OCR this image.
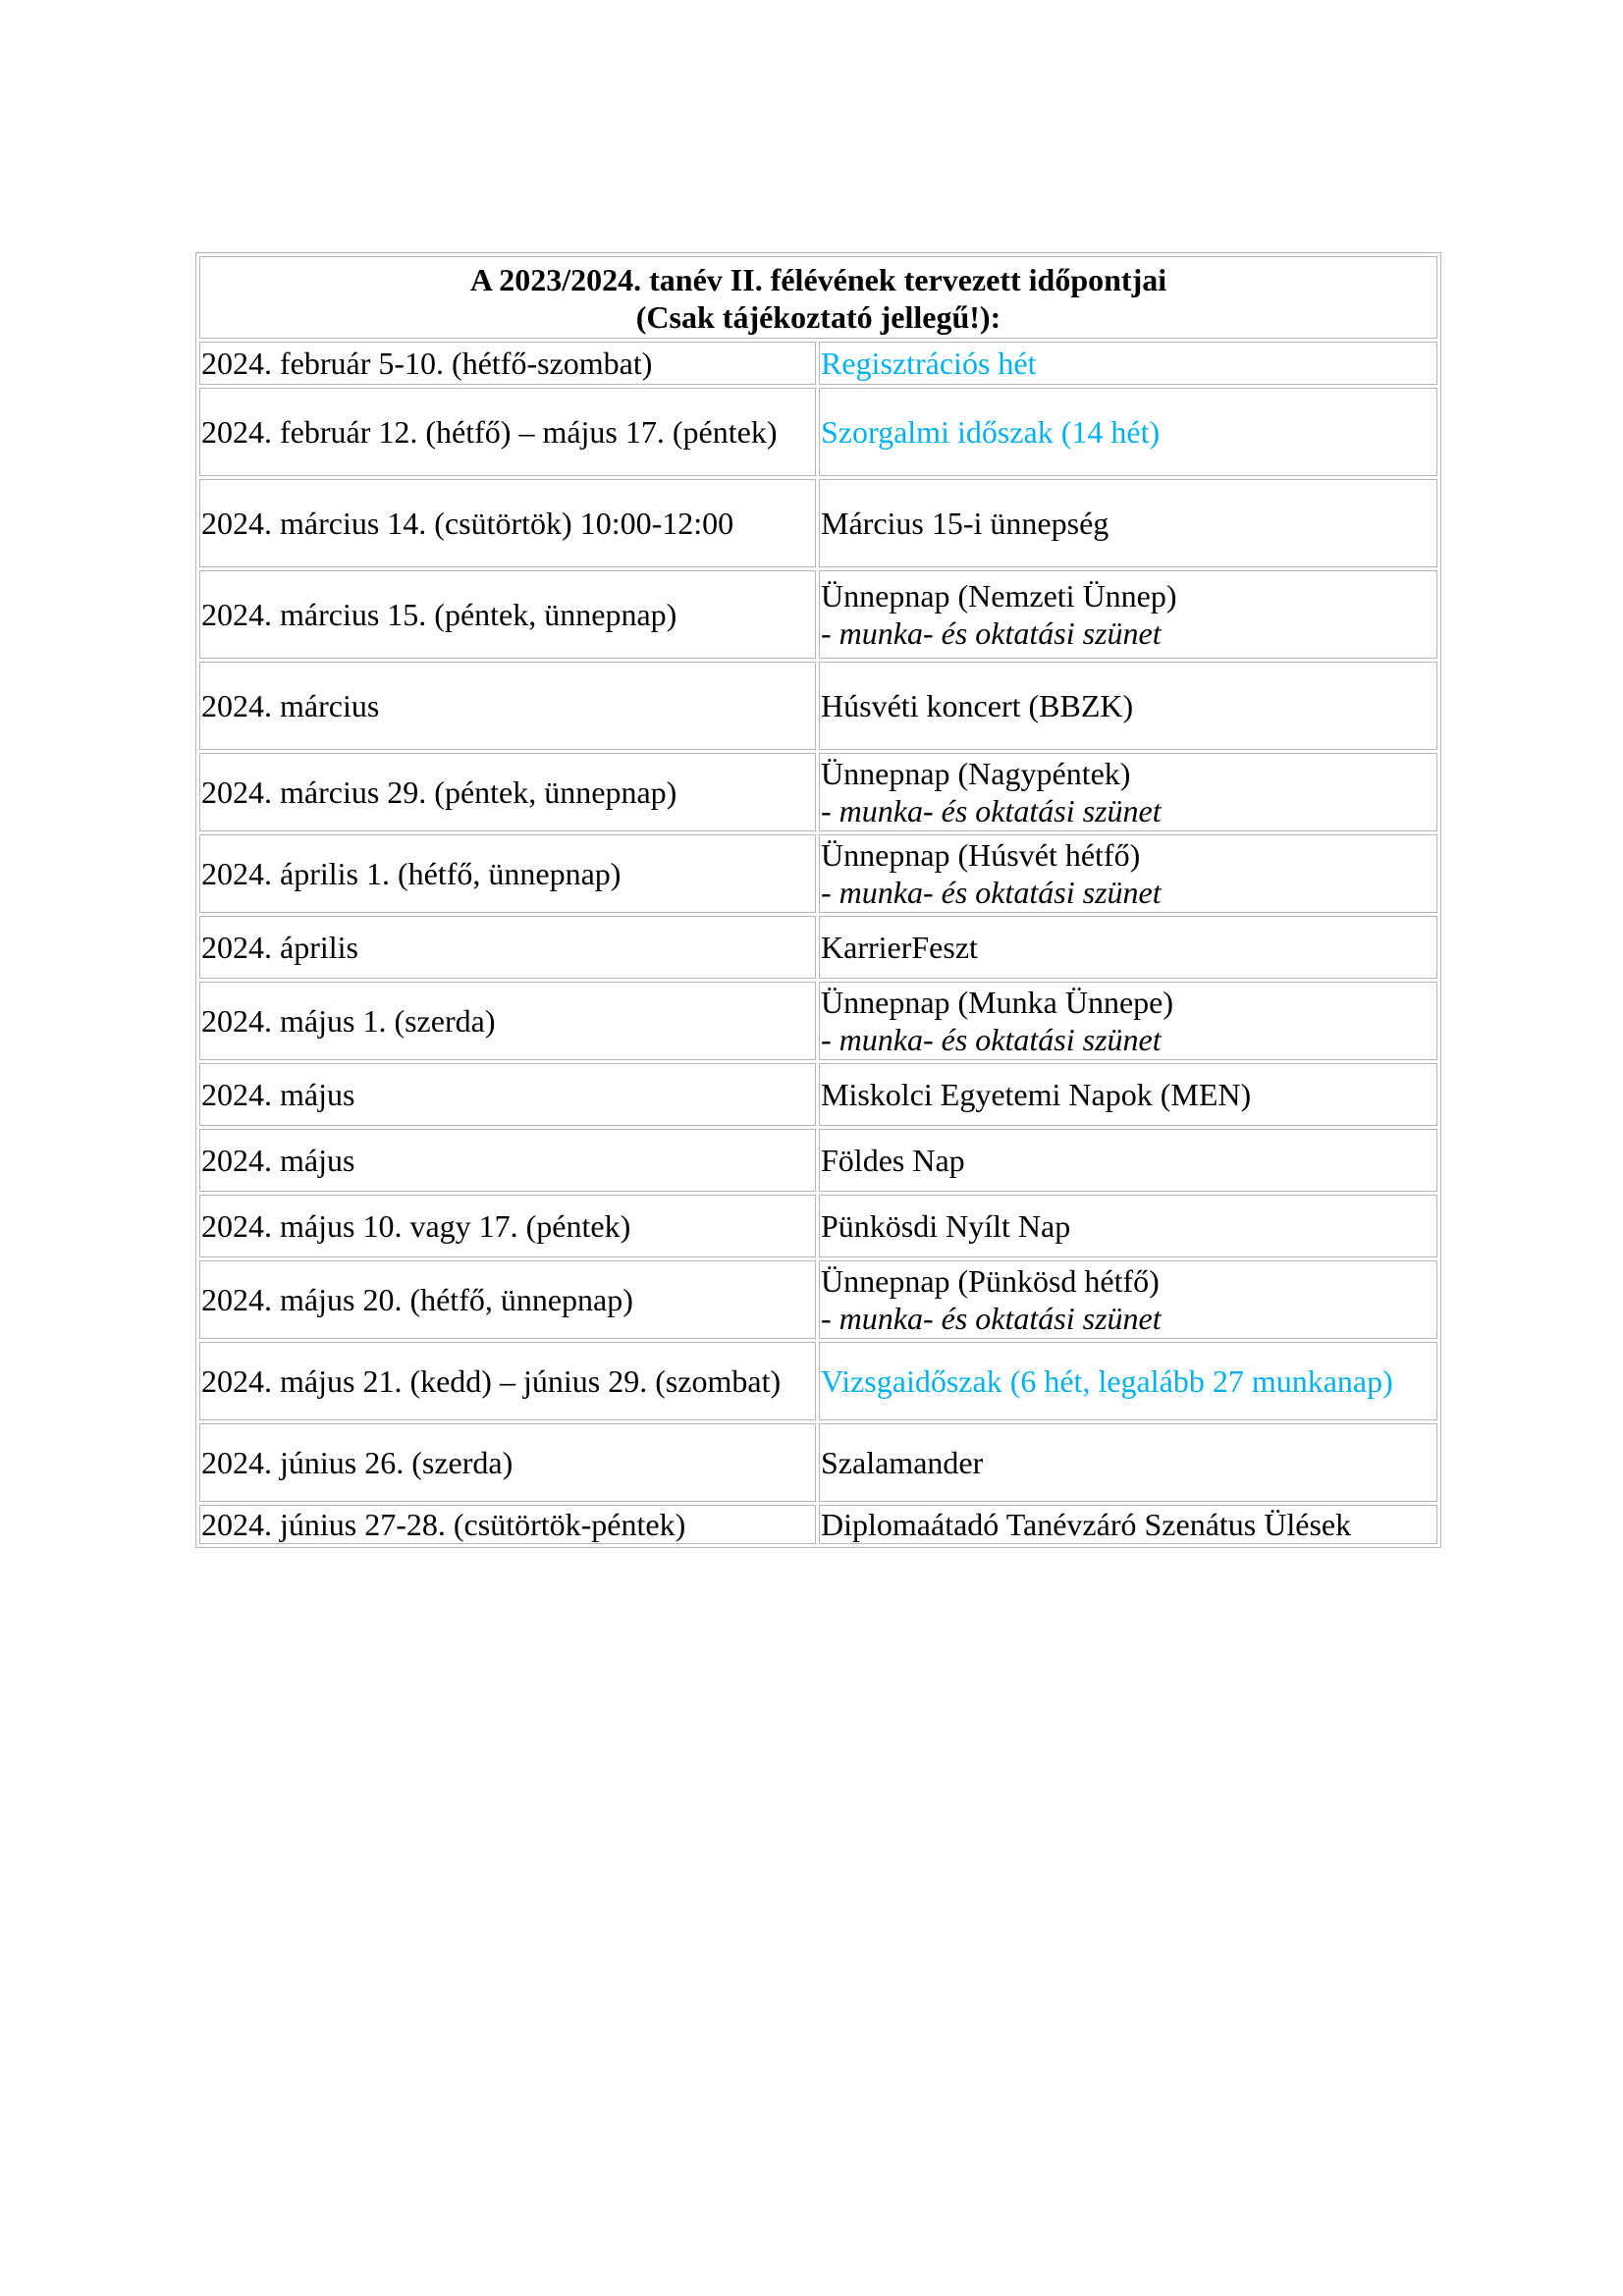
A 2023/2024. tanév II. félévének tervezett időpontjai
(Csak tájékoztató jellegű!):	

2024. február 5-10. (hétfő-szombat)	Regisztrációs hét

2024. február 12. (hétfő) – május 17. (péntek)	Szorgalmi időszak (14 hét)

2024. március 14. (csütörtök) 10:00-12:00	Március 15-i ünnepség

2024. március 15. (péntek, ünnepnap)	Ünnepnap (Nemzeti Ünnep)
- munka- és oktatási szünet

2024. március	Húsvéti koncert (BBZK)

2024. március 29. (péntek, ünnepnap)	Ünnepnap (Nagypéntek)
- munka- és oktatási szünet

2024. április 1. (hétfő, ünnepnap)	Ünnepnap (Húsvét hétfő)
- munka- és oktatási szünet

2024. április	KarrierFeszt

2024. május 1. (szerda)	Ünnepnap (Munka Ünnepe)
- munka- és oktatási szünet

2024. május	Miskolci Egyetemi Napok (MEN)

2024. május	Földes Nap

2024. május 10. vagy 17. (péntek)	Pünkösdi Nyílt Nap

2024. május 20. (hétfő, ünnepnap)	Ünnepnap (Pünkösd hétfő)
- munka- és oktatási szünet

2024. május 21. (kedd) – június 29. (szombat)	Vizsgaidőszak (6 hét, legalább 27 munkanap)

2024. június 26. (szerda)	Szalamander

2024. június 27-28. (csütörtök-péntek)	Diplomaátadó Tanévzáró Szenátus Ülések
